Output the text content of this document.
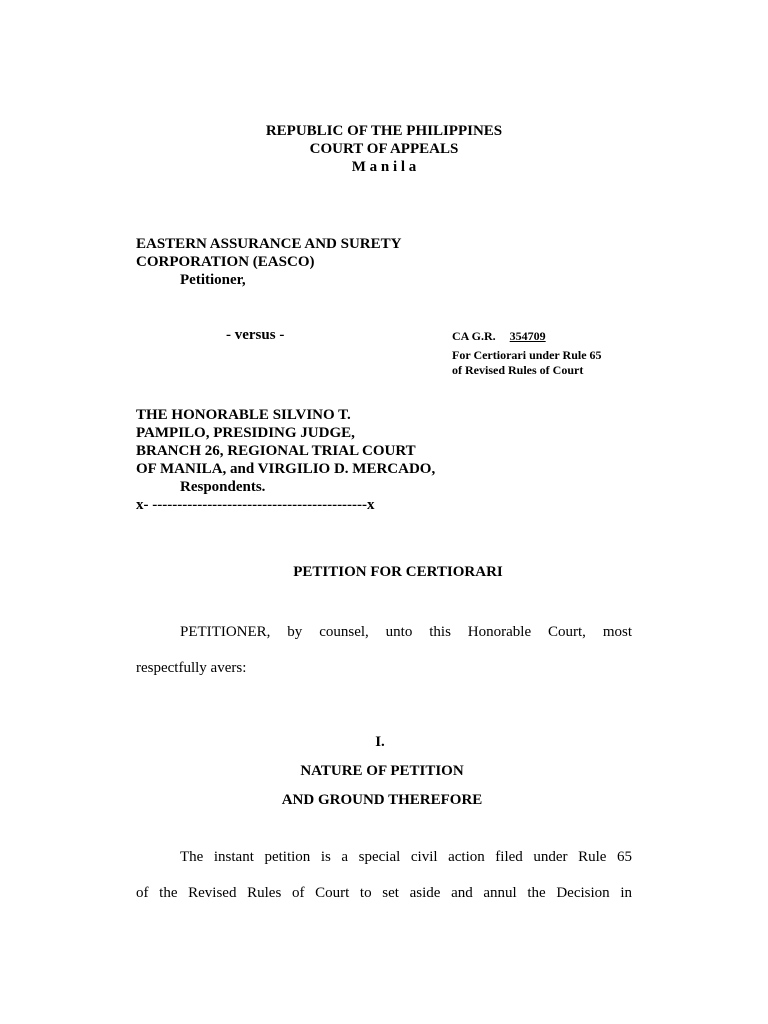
REPUBLIC OF THE PHILIPPINES
COURT OF APPEALS
M a n i l a
EASTERN ASSURANCE AND SURETY
CORPORATION (EASCO)
Petitioner,
- versus -	CA G.R. 354709
For Certiorari under Rule 65
of Revised Rules of Court
THE HONORABLE SILVINO T.
PAMPILO, PRESIDING JUDGE,
BRANCH 26, REGIONAL TRIAL COURT
OF MANILA, and VIRGILIO D. MERCADO,
Respondents.
x- -------------------------------------------x
PETITION FOR CERTIORARI
PETITIONER, by counsel, unto this Honorable Court, most
respectfully avers:
I.
NATURE OF PETITION
AND GROUND THEREFORE
The instant petition is a special civil action filed under Rule 65
of the Revised Rules of Court to set aside and annul the Decision in
